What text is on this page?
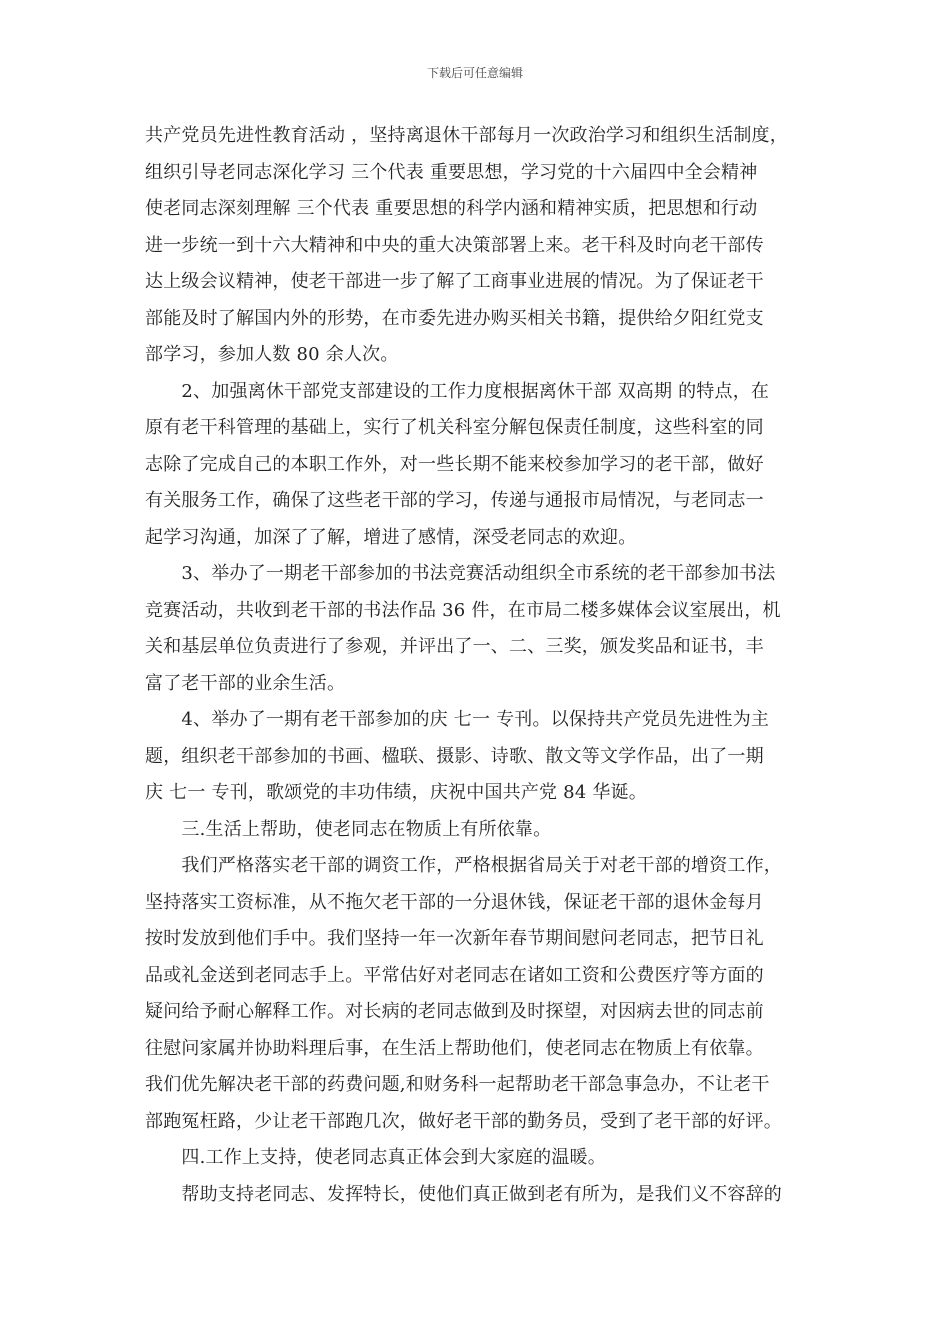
下载后可任意编辑
共产党员先进性教育活动 ，坚持离退休干部每月一次政治学习和组织生活制度，
组织引导老同志深化学习 三个代表 重要思想，学习党的十六届四中全会精神
使老同志深刻理解 三个代表 重要思想的科学内涵和精神实质，把思想和行动
进一步统一到十六大精神和中央的重大决策部署上来。老干科及时向老干部传
达上级会议精神，使老干部进一步了解了工商事业进展的情况。为了保证老干
部能及时了解国内外的形势，在市委先进办购买相关书籍，提供给夕阳红党支
部学习，参加人数 80 余人次。
　　2、加强离休干部党支部建设的工作力度根据离休干部 双高期 的特点，在
原有老干科管理的基础上，实行了机关科室分解包保责任制度，这些科室的同
志除了完成自己的本职工作外，对一些长期不能来校参加学习的老干部，做好
有关服务工作，确保了这些老干部的学习，传递与通报市局情况，与老同志一
起学习沟通，加深了了解，增进了感情，深受老同志的欢迎。
　　3、举办了一期老干部参加的书法竞赛活动组织全市系统的老干部参加书法
竞赛活动，共收到老干部的书法作品 36 件，在市局二楼多媒体会议室展出，机
关和基层单位负责进行了参观，并评出了一、二、三奖，颁发奖品和证书，丰
富了老干部的业余生活。
　　4、举办了一期有老干部参加的庆 七一 专刊。以保持共产党员先进性为主
题，组织老干部参加的书画、楹联、摄影、诗歌、散文等文学作品，出了一期
庆 七一 专刊，歌颂党的丰功伟绩，庆祝中国共产党 84 华诞。
　　三.生活上帮助，使老同志在物质上有所依靠。
　　我们严格落实老干部的调资工作，严格根据省局关于对老干部的增资工作，
坚持落实工资标准，从不拖欠老干部的一分退休钱，保证老干部的退休金每月
按时发放到他们手中。我们坚持一年一次新年春节期间慰问老同志，把节日礼
品或礼金送到老同志手上。平常估好对老同志在诸如工资和公费医疗等方面的
疑问给予耐心解释工作。对长病的老同志做到及时探望，对因病去世的同志前
往慰问家属并协助料理后事，在生活上帮助他们，使老同志在物质上有依靠。
我们优先解决老干部的药费问题,和财务科一起帮助老干部急事急办，不让老干
部跑冤枉路，少让老干部跑几次，做好老干部的勤务员，受到了老干部的好评。
　　四.工作上支持，使老同志真正体会到大家庭的温暖。
　　帮助支持老同志、发挥特长，使他们真正做到老有所为，是我们义不容辞的
